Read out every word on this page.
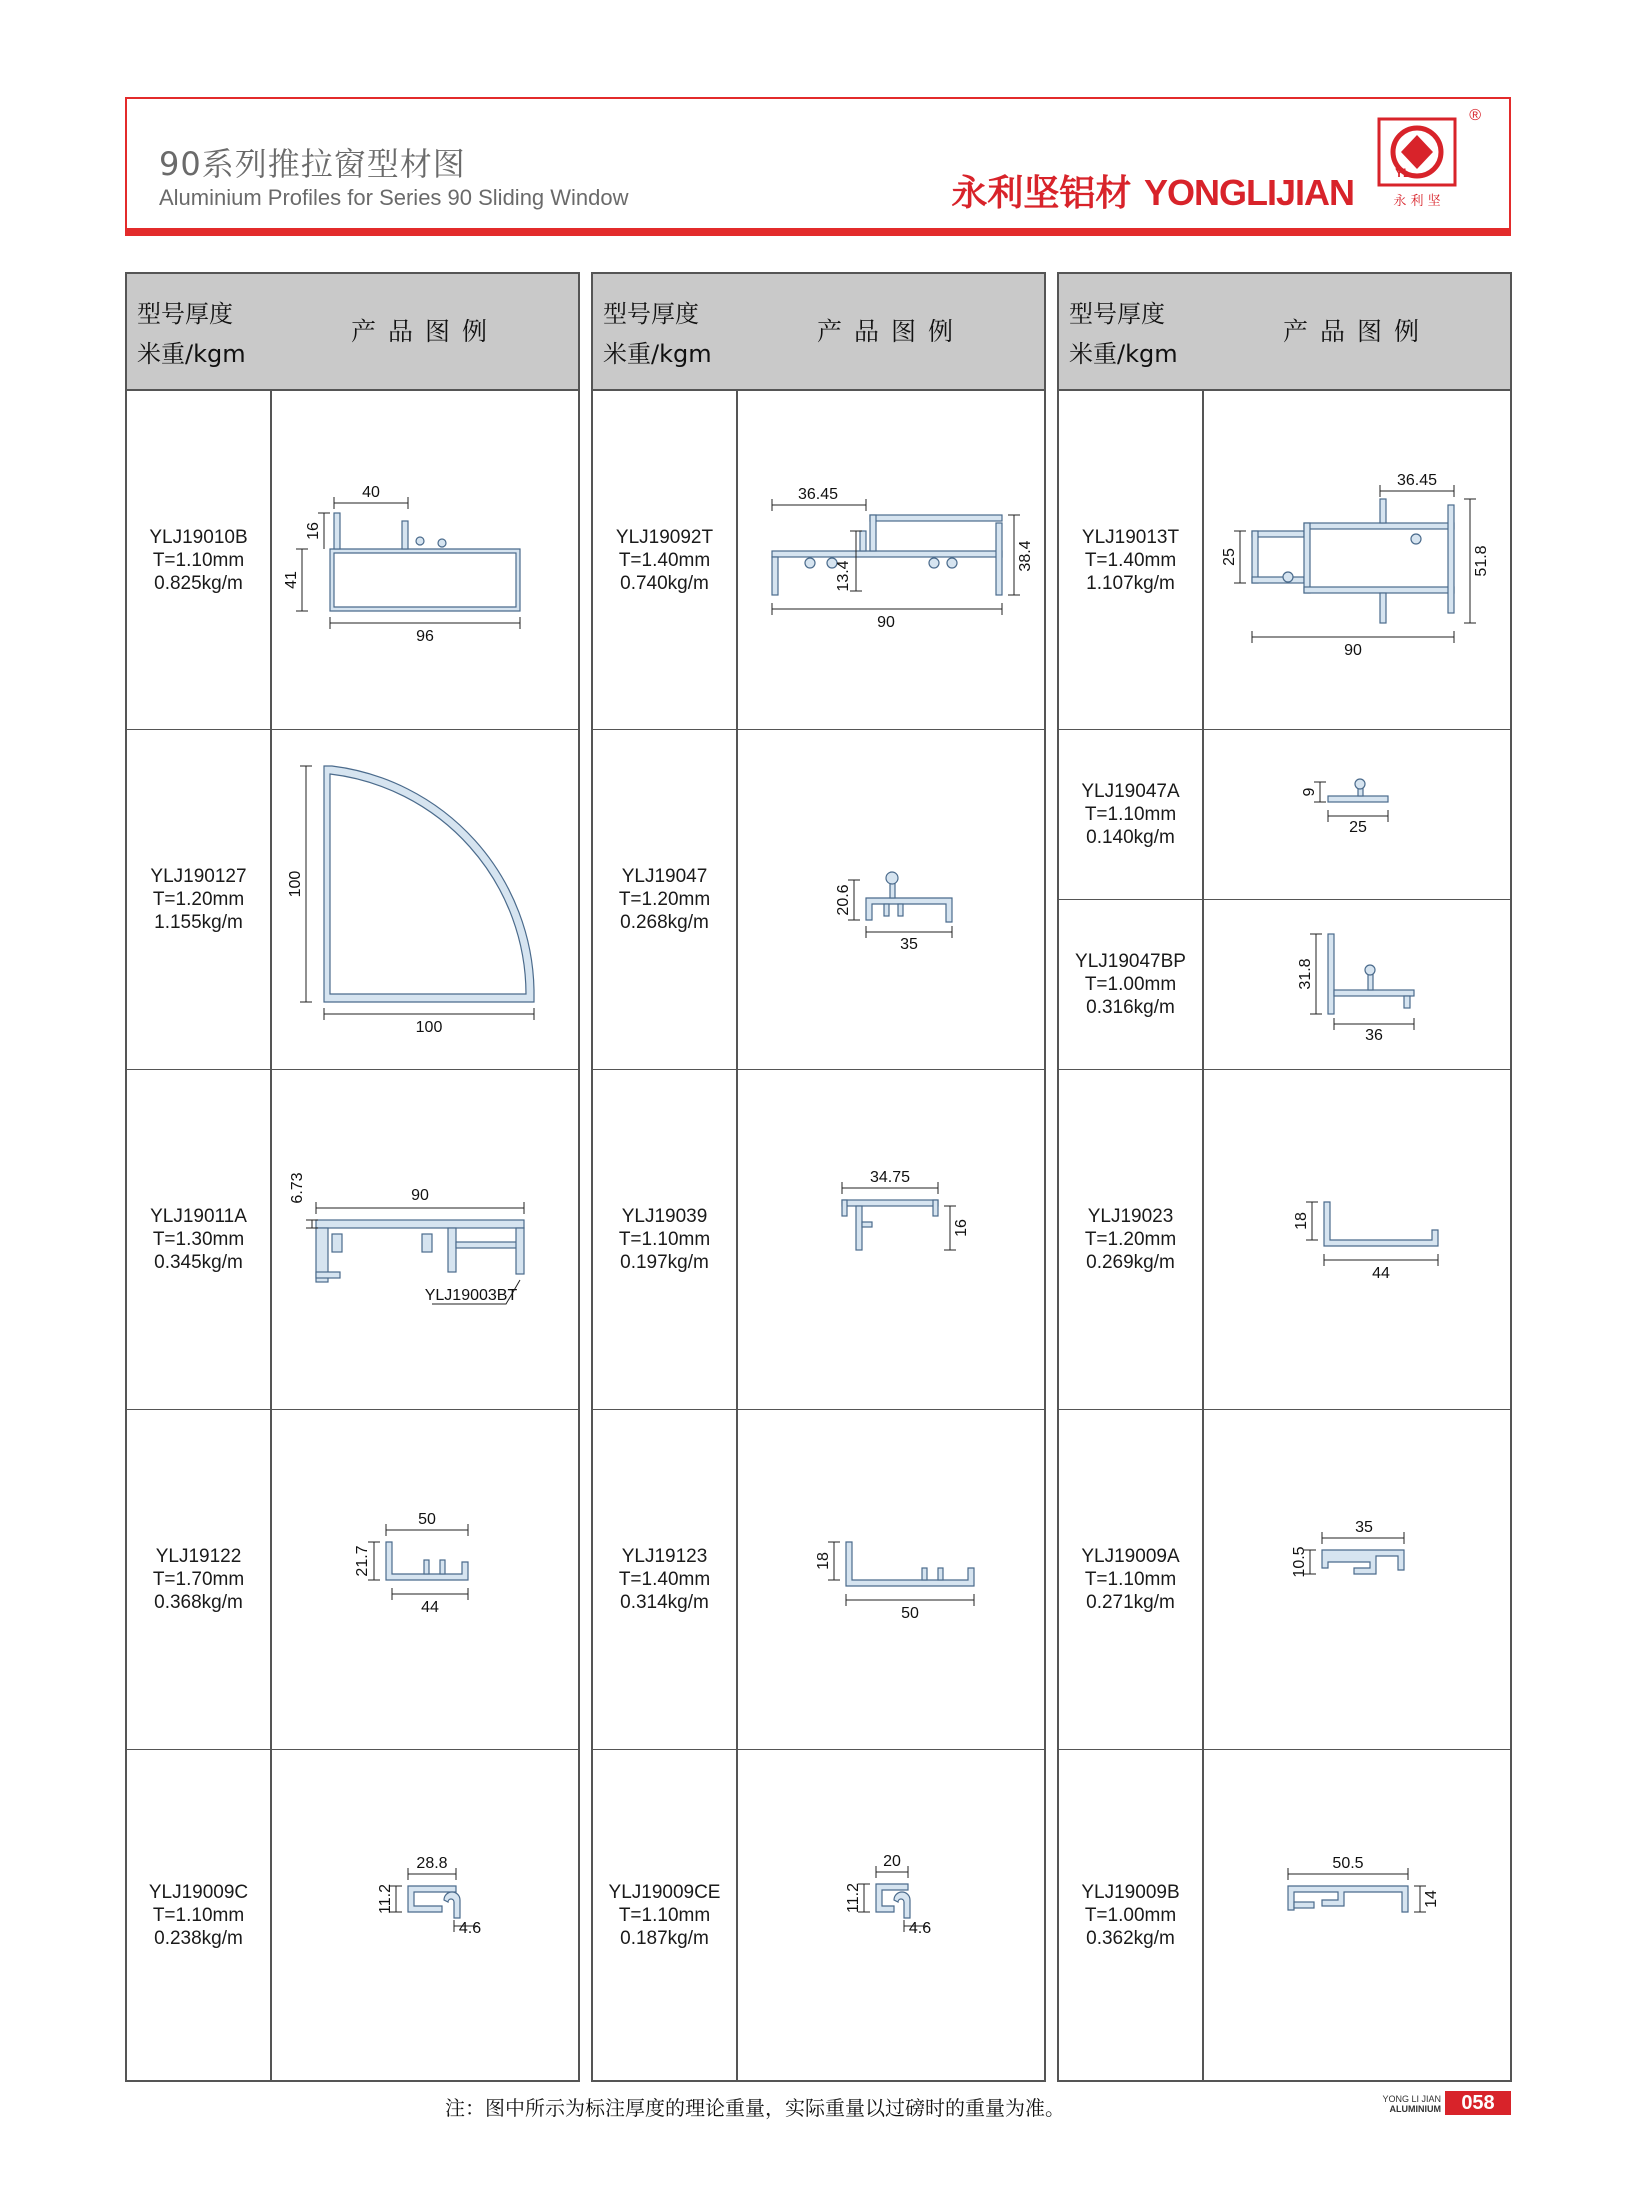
90系列推拉窗型材图
Aluminium Profiles for Series 90 Sliding Window	永利坚铝材 YONGLIJIAN	YL
永 利 坚
®
型号厚度
米重/kgm
产品图例
YLJ19010B
T=1.10mm
0.825kg/m
40
16
41
96
YLJ190127
T=1.20mm
1.155kg/m
100
100
YLJ19011A
T=1.30mm
0.345kg/m
6.73	90
YLJ19003BT
YLJ19122
T=1.70mm
0.368kg/m
50
21.7
44
YLJ19009C
T=1.10mm
0.238kg/m
28.8
11.2
4.6
型号厚度
米重/kgm
产品图例
YLJ19092T
T=1.40mm
0.740kg/m
36.45
13.4
38.4
90
YLJ19047
T=1.20mm
0.268kg/m
20.6
35
YLJ19039
T=1.10mm
0.197kg/m
34.75
16
YLJ19123
T=1.40mm
0.314kg/m
18
50
YLJ19009CE
T=1.10mm
0.187kg/m
20
11.2
4.6
型号厚度
米重/kgm
产品图例
YLJ19013T
T=1.40mm
1.107kg/m
36.45
25	51.8
90
YLJ19047A
T=1.10mm
0.140kg/m
9
25
YLJ19047BP
T=1.00mm
0.316kg/m
31.8
36
YLJ19023
T=1.20mm
0.269kg/m
18
44
YLJ19009A
T=1.10mm
0.271kg/m
35
10.5
YLJ19009B
T=1.00mm
0.362kg/m
50.5
14
注：图中所示为标注厚度的理论重量，实际重量以过磅时的重量为准。	YONG LI JIAN
ALUMINIUM	058
